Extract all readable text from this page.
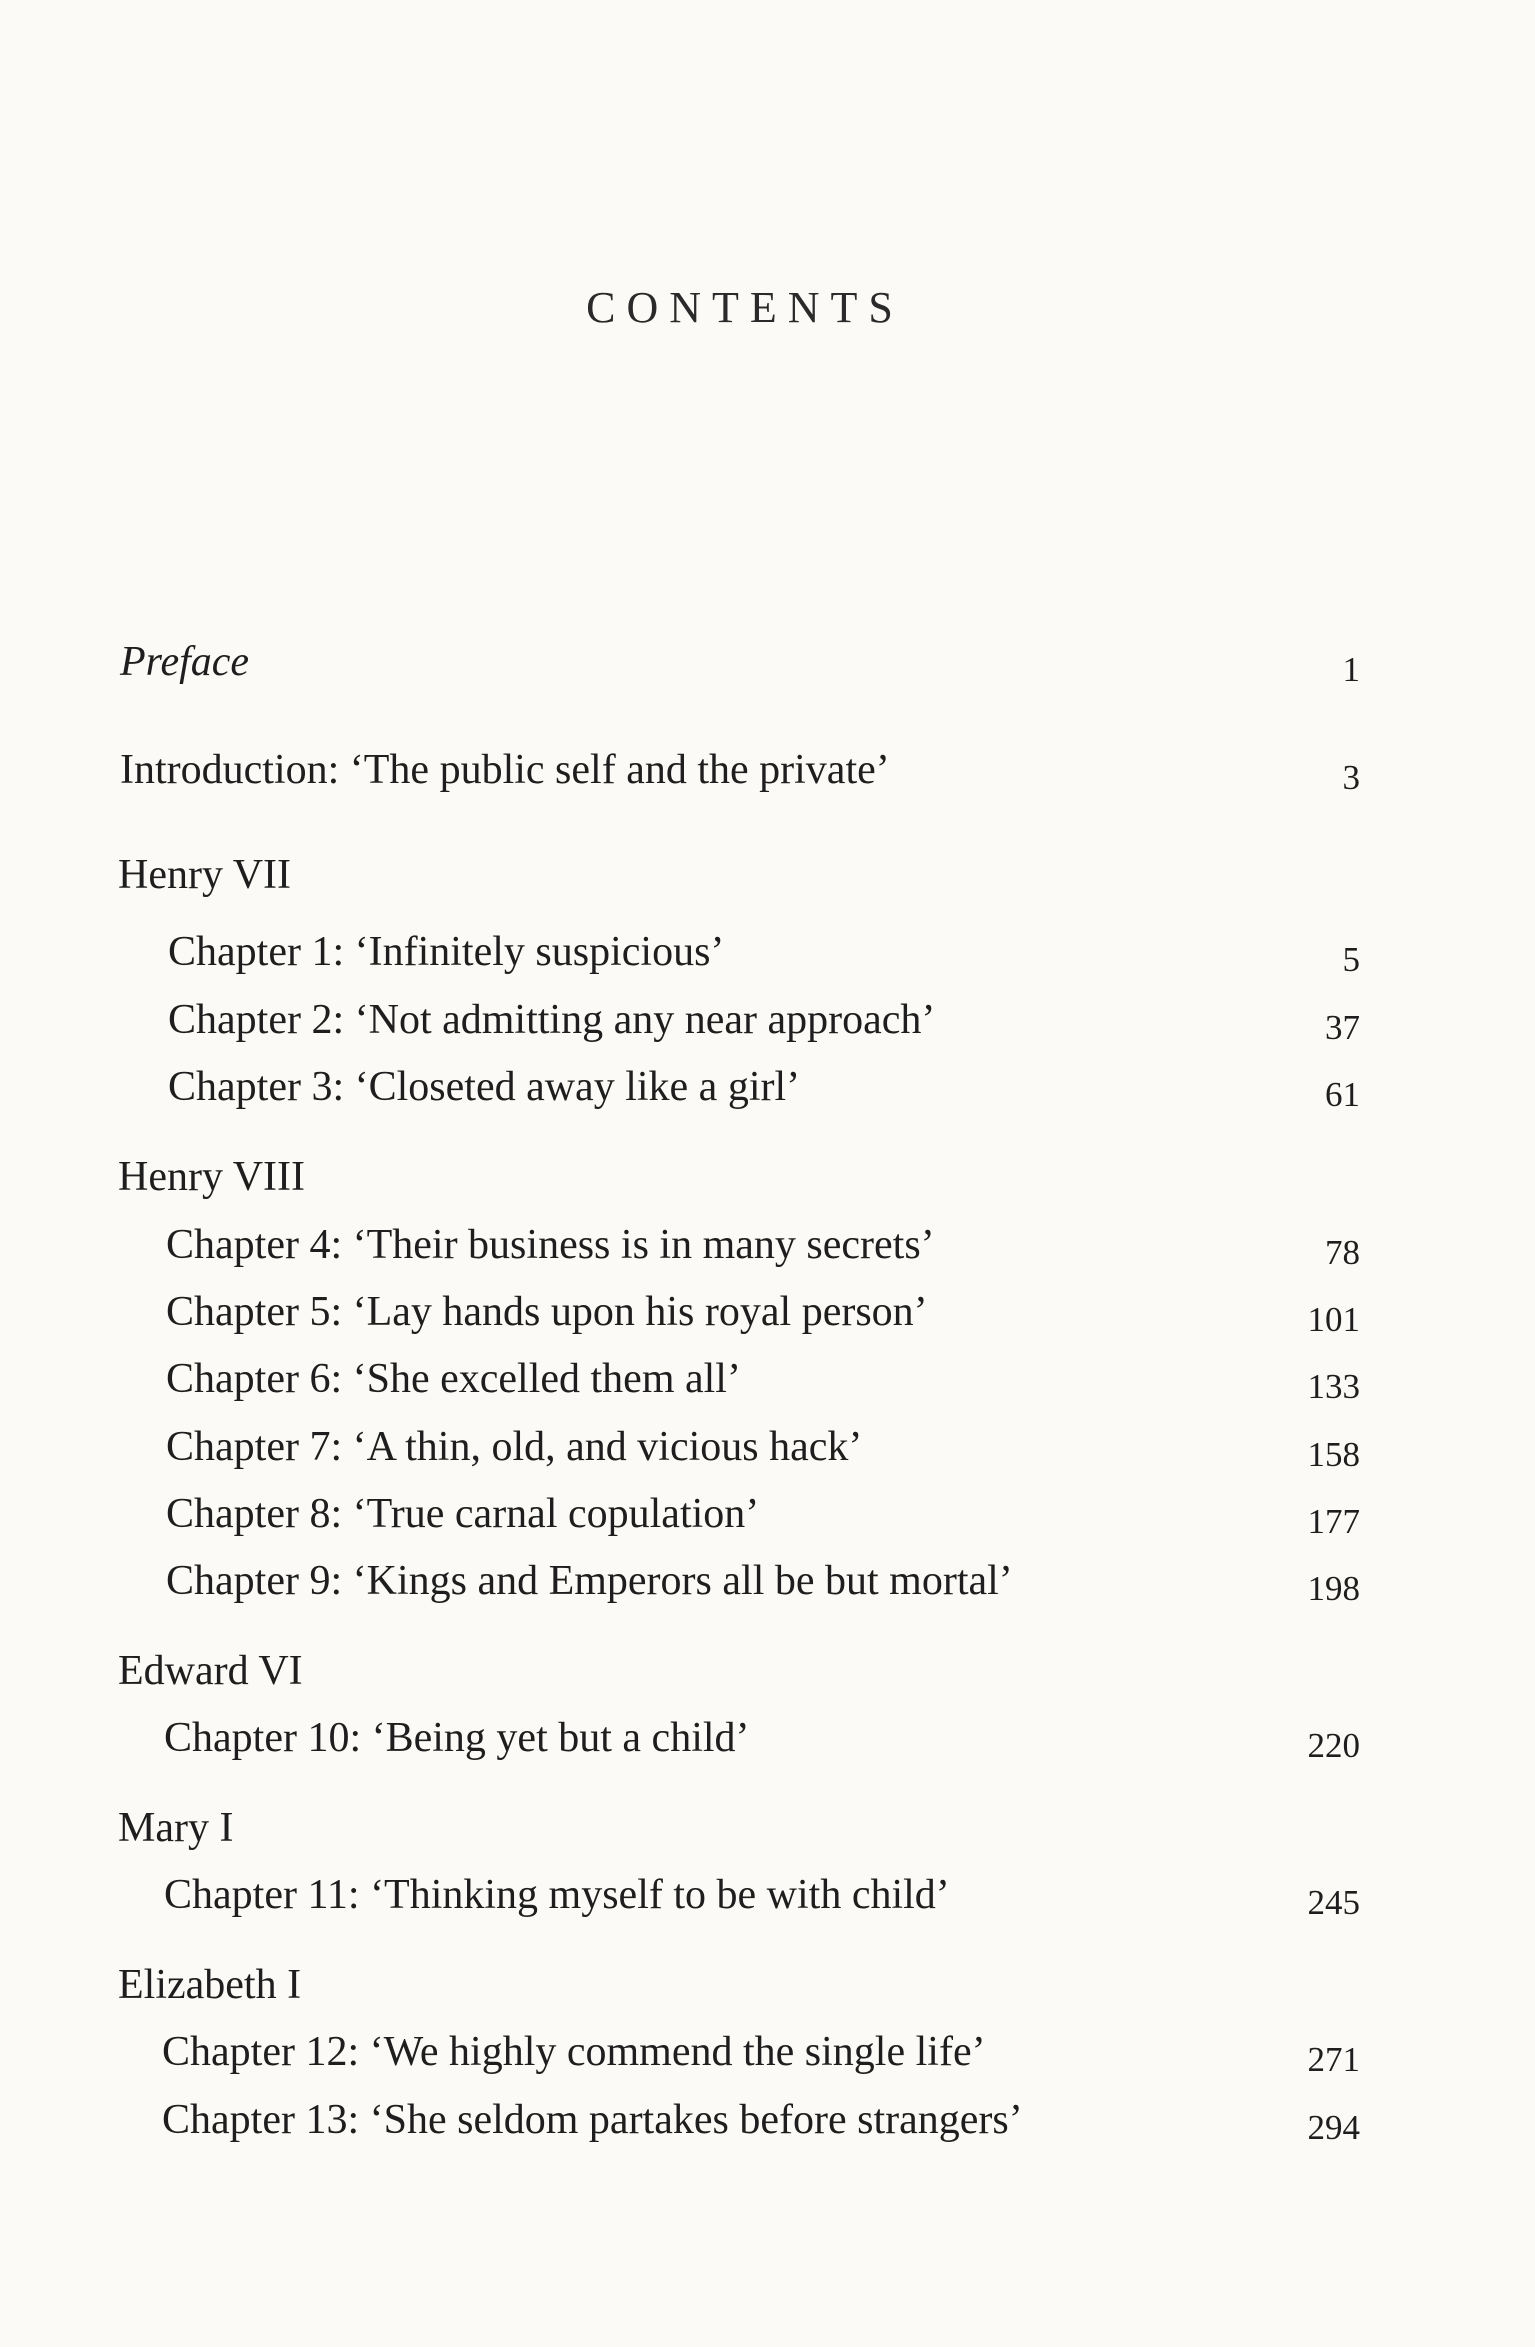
CONTENTS
Preface	1
Introduction: ‘The public self and the private’	3
Henry VII
Chapter 1: ‘Infinitely suspicious’	5
Chapter 2: ‘Not admitting any near approach’	37
Chapter 3: ‘Closeted away like a girl’	61
Henry VIII
Chapter 4: ‘Their business is in many secrets’	78
Chapter 5: ‘Lay hands upon his royal person’	101
Chapter 6: ‘She excelled them all’	133
Chapter 7: ‘A thin, old, and vicious hack’	158
Chapter 8: ‘True carnal copulation’	177
Chapter 9: ‘Kings and Emperors all be but mortal’	198
Edward VI
Chapter 10: ‘Being yet but a child’	220
Mary I
Chapter 11: ‘Thinking myself to be with child’	245
Elizabeth I
Chapter 12: ‘We highly commend the single life’	271
Chapter 13: ‘She seldom partakes before strangers’	294
